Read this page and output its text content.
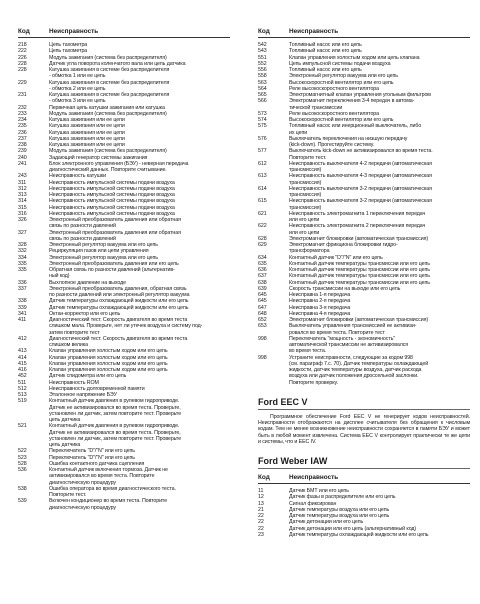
Код	Неисправность
218	Цепь тахометра
222	Цепь тахометра
226	Модуль зажигания (система без распределителя)
228	Датчик угла поворота коленчатого вала или цепь датчика
228	Катушка зажигания в системе без распределителя
- обмотка 1 или ее цепь
229	Катушка зажигания в системе без распределителя
- обмотка 2 или ее цепь
231	Катушка зажигания в системе без распределителя
- обмотка 3 или ее цепь
232	Первичная цепь катушки зажигания или катушка
233	Модуль зажигания (система без распределителя)
234	Катушка зажигания или ее цепи
235	Катушка зажигания или ее цепи
236	Катушка зажигания или ее цепи
237	Катушка зажигания или ее цепи
238	Катушка зажигания или ее цепи
239	Модуль зажигания (система без распределителя)
240	Задающий генератор системы зажигания
241	Блок электронного управления (БЭУ) - неверная передача
диагностический данных. Повторите считывание.
243	Неисправность катушки
311	Неисправность импульсной системы подачи воздуха
312	Неисправность импульсной системы подачи воздуха
313	Неисправность импульсной системы подачи воздуха
314	Неисправность импульсной системы подачи воздуха
315	Неисправность импульсной системы подачи воздуха
316	Неисправность импульсной системы подачи воздуха
326	Электронный преобразователь давления или обратная
связь по разности давлений
327	Электронный преобразователь давления или обратная
связь по разности давлений
328	Электронный регулятор вакуума или его цепь
332	Рециркуляция газов или цепи управления
334	Электронный регулятор вакуума или его цепь
335	Электронный преобразователь давления или его цепь
335	Обратная связь по разности давлений (альтернатив-
ный код)
336	Выхлопное давление на выходе
337	Электронный преобразователь давления, обратная связь
по разности давлений или электронный регулятор вакуума
338	Датчик температуры охлаждающей жидкости или его цепь
339	Датчик температуры охлаждающей жидкости или его цепь
341	Октан-корректор или его цепь
411	Диагностический тест. Скорость двигателя во время теста
слишком мала. Проверьте, нет ли утечек воздуха и систему под-
затем повторите тест
412	Диагностический тест. Скорость двигателя во время теста
слишком велика
413	Клапан управления холостым ходом или его цепь
414	Клапан управления холостым ходом или его цепь
415	Клапан управления холостым ходом или его цепь
416	Клапан управления холостым ходом или его цепь
452	Датчик спидометра или его цепь
511	Неисправность ROM
512	Неисправность долговременной памяти
513	Эталонное напряжение БЭУ
519	Контактный датчик давления в рулевом гидроприводе.
Датчик не активизировался во время теста. Проверьте,
установлен ли датчик, затем повторите тест. Проверьте
цепь датчика
521	Контактный датчик давления в рулевом гидроприводе.
Датчик не активизировался во время теста. Проверьте,
установлен ли датчик, затем повторите тест. Проверьте
цепь датчика
522	Переключатель "D"/"N" или его цепь
523	Переключатель "D"/"N" или его цепь
528	Ошибка контактного датчика сцепления
536	Контактный датчик включения тормоза. Датчик не
активизировался во время теста. Повторите
диагностическую процедуру
538	Ошибка оператора во время диагностического теста.
Повторите тест.
539	Включен кондиционер во время теста. Повторите
диагностическую процедуру
Код	Неисправность
542	Топливный насос или его цепь
543	Топливный насос или его цепь
551	Клапан управления холостым ходом или цепь клапана
552	Цепь импульсной системы подачи воздуха
556	Топливный насос или его цепь
558	Электронный регулятор вакуума или его цепь
563	Высокоскоростной вентилятор или его цепь
564	Реле высокоскоростного вентилятора
565	Электромагнитный клапан управления угольным фильтром
566	Электромагнит переключения 3-4 передач в автома-
тической трансмиссии
573	Реле высокоскоростного вентилятора
574	Высокоскоростной вентилятор или его цепь
575	Топливный насос или инерционный выключатель, либо
их цепи
576	Выключатель переключения на низшую передачу
(kick-down). Прогестируйте систему.
577	Выключатель kick-down не активизировался во время теста.
Повторите тест.
612	Неисправность выключателя 4-2 передачи (автоматическая
трансмиссия)
613	Неисправность выключателя 4-3 передачи (автоматическая
трансмиссия)
614	Неисправность выключателя 3-2 передачи (автоматическая
трансмиссия)
615	Неисправность выключателя 3-2 передачи (автоматическая
трансмиссия)
621	Неисправность электромагнита 1 переключения передач
или его цепи
622	Неисправность электромагнита 2 переключения передач
или его цепи
628	Электромагнит блокировки (автоматическая трансмиссия)
629	Электромагнит фрикциона блокировки гидро-
трансформатора
634	Контактный датчик "D"/"N" или его цепь
635	Контактный датчик температуры трансмиссии или его цепь
636	Контактный датчик температуры трансмиссии или его цепь
637	Контактный датчик температуры трансмиссии или его цепь
638	Контактный датчик температуры трансмиссии или его цепь
639	Скорость трансмиссии на выходе или его цепь
645	Неисправна 1-я передача
645	Неисправна 2-я передача
647	Неисправна 3-я передача
648	Неисправна 4-я передача
652	Электромагнит блокировки (автоматическая трансмиссия)
653	Выключатель управления трансмиссией не активизи-
ровался во время теста. Повторите тест
998	Переключатель "мощность - экономичность"
автоматической трансмиссии не активизировался
во время теста.
998	Устраните неисправности, следующие за кодом 998
(см. параграф 7.с. 70). Датчик температуры охлаждающей
жидкости, датчик температуры воздуха, датчик расхода
воздуха или датчик положения дроссельной заслонки.
Повторите проверку.
Ford EEC V
Программное обеспечение Ford EEC V не генерирует кодов неисправностей. Неисправности отображаются на дисплее считывателя без обращения к числовым кодам. Тем не менее возникновение неисправности сохраняется в памяти БЭУ и может быть в любой момент извлечена. Система EEC V контролирует практически те же цепи и системы, что и EEC IV.
Ford Weber IAW
Код	Неисправность
11	Датчик БМТ или его цепь
12	Датчик фазы в распределителе или его цепь
13	Сигнал фиксирован
21	Датчик температуры воздуха или его цепь
22	Датчик температуры воздуха или его цепь
22	Датчик детонации или его цепь
22	Датчик детонации или его цепь (альтернативный код)
23	Датчик температуры охлаждающей жидкости или его цепь
